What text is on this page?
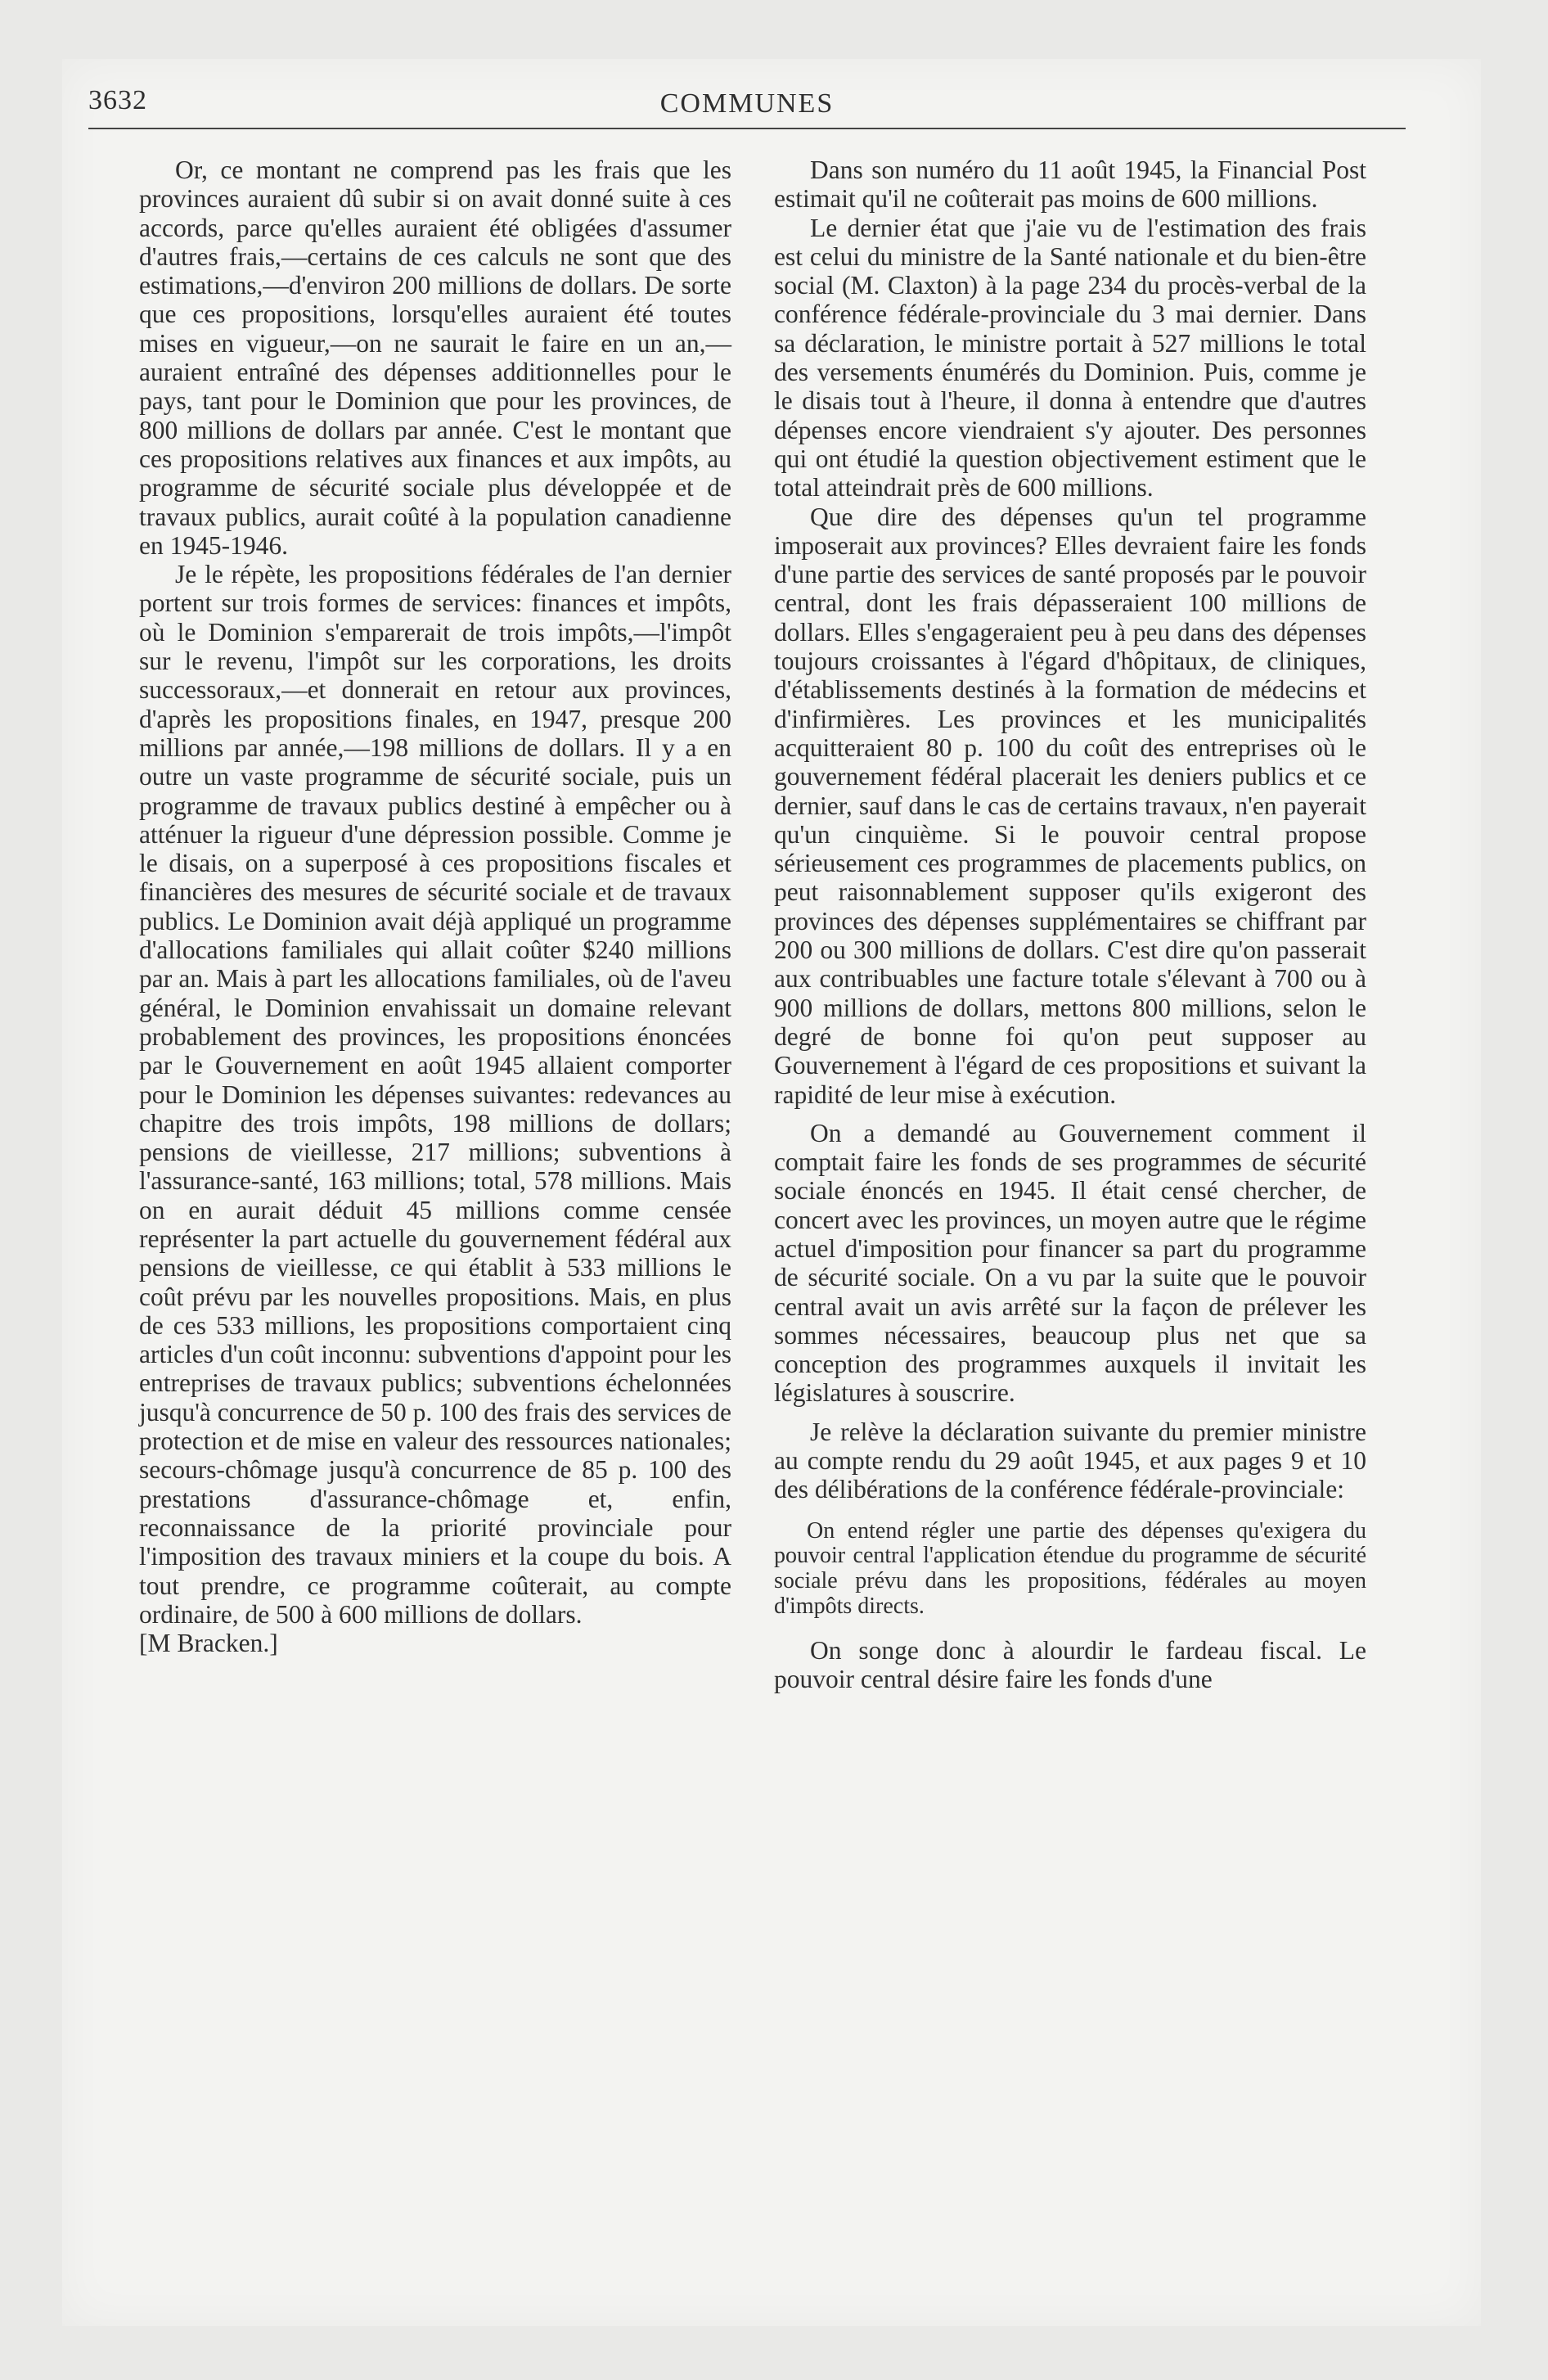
3632	COMMUNES

Or, ce montant ne comprend pas les frais que les provinces auraient dû subir si on avait donné suite à ces accords, parce qu'elles auraient été obligées d'assumer d'autres frais,—certains de ces calculs ne sont que des estimations,—d'environ 200 millions de dollars. De sorte que ces propositions, lorsqu'elles auraient été toutes mises en vigueur,—on ne saurait le faire en un an,—auraient entraîné des dépenses additionnelles pour le pays, tant pour le Dominion que pour les provinces, de 800 millions de dollars par année. C'est le montant que ces propositions relatives aux finances et aux impôts, au programme de sécurité sociale plus développée et de travaux publics, aurait coûté à la population canadienne en 1945-1946.

Je le répète, les propositions fédérales de l'an dernier portent sur trois formes de services: finances et impôts, où le Dominion s'emparerait de trois impôts,—l'impôt sur le revenu, l'impôt sur les corporations, les droits successoraux,—et donnerait en retour aux provinces, d'après les propositions finales, en 1947, presque 200 millions par année,—198 millions de dollars. Il y a en outre un vaste programme de sécurité sociale, puis un programme de travaux publics destiné à empêcher ou à atténuer la rigueur d'une dépression possible. Comme je le disais, on a superposé à ces propositions fiscales et financières des mesures de sécurité sociale et de travaux publics. Le Dominion avait déjà appliqué un programme d'allocations familiales qui allait coûter $240 millions par an. Mais à part les allocations familiales, où de l'aveu général, le Dominion envahissait un domaine relevant probablement des provinces, les propositions énoncées par le Gouvernement en août 1945 allaient comporter pour le Dominion les dépenses suivantes: redevances au chapitre des trois impôts, 198 millions de dollars; pensions de vieillesse, 217 millions; subventions à l'assurance-santé, 163 millions; total, 578 millions. Mais on en aurait déduit 45 millions comme censée représenter la part actuelle du gouvernement fédéral aux pensions de vieillesse, ce qui établit à 533 millions le coût prévu par les nouvelles propositions. Mais, en plus de ces 533 millions, les propositions comportaient cinq articles d'un coût inconnu: subventions d'appoint pour les entreprises de travaux publics; subventions échelonnées jusqu'à concurrence de 50 p. 100 des frais des services de protection et de mise en valeur des ressources nationales; secours-chômage jusqu'à concurrence de 85 p. 100 des prestations d'assurance-chômage et, enfin, reconnaissance de la priorité provinciale pour l'imposition des travaux miniers et la coupe du bois. A tout prendre, ce programme coûterait, au compte ordinaire, de 500 à 600 millions de dollars.

[M Bracken.]

Dans son numéro du 11 août 1945, la Financial Post estimait qu'il ne coûterait pas moins de 600 millions.

Le dernier état que j'aie vu de l'estimation des frais est celui du ministre de la Santé nationale et du bien-être social (M. Claxton) à la page 234 du procès-verbal de la conférence fédérale-provinciale du 3 mai dernier. Dans sa déclaration, le ministre portait à 527 millions le total des versements énumérés du Dominion. Puis, comme je le disais tout à l'heure, il donna à entendre que d'autres dépenses encore viendraient s'y ajouter. Des personnes qui ont étudié la question objectivement estiment que le total atteindrait près de 600 millions.

Que dire des dépenses qu'un tel programme imposerait aux provinces? Elles devraient faire les fonds d'une partie des services de santé proposés par le pouvoir central, dont les frais dépasseraient 100 millions de dollars. Elles s'engageraient peu à peu dans des dépenses toujours croissantes à l'égard d'hôpitaux, de cliniques, d'établissements destinés à la formation de médecins et d'infirmières. Les provinces et les municipalités acquitteraient 80 p. 100 du coût des entreprises où le gouvernement fédéral placerait les deniers publics et ce dernier, sauf dans le cas de certains travaux, n'en payerait qu'un cinquième. Si le pouvoir central propose sérieusement ces programmes de placements publics, on peut raisonnablement supposer qu'ils exigeront des provinces des dépenses supplémentaires se chiffrant par 200 ou 300 millions de dollars. C'est dire qu'on passerait aux contribuables une facture totale s'élevant à 700 ou à 900 millions de dollars, mettons 800 millions, selon le degré de bonne foi qu'on peut supposer au Gouvernement à l'égard de ces propositions et suivant la rapidité de leur mise à exécution.

On a demandé au Gouvernement comment il comptait faire les fonds de ses programmes de sécurité sociale énoncés en 1945. Il était censé chercher, de concert avec les provinces, un moyen autre que le régime actuel d'imposition pour financer sa part du programme de sécurité sociale. On a vu par la suite que le pouvoir central avait un avis arrêté sur la façon de prélever les sommes nécessaires, beaucoup plus net que sa conception des programmes auxquels il invitait les législatures à souscrire.

Je relève la déclaration suivante du premier ministre au compte rendu du 29 août 1945, et aux pages 9 et 10 des délibérations de la conférence fédérale-provinciale:

On entend régler une partie des dépenses qu'exigera du pouvoir central l'application étendue du programme de sécurité sociale prévu dans les propositions, fédérales au moyen d'impôts directs.

On songe donc à alourdir le fardeau fiscal. Le pouvoir central désire faire les fonds d'une
